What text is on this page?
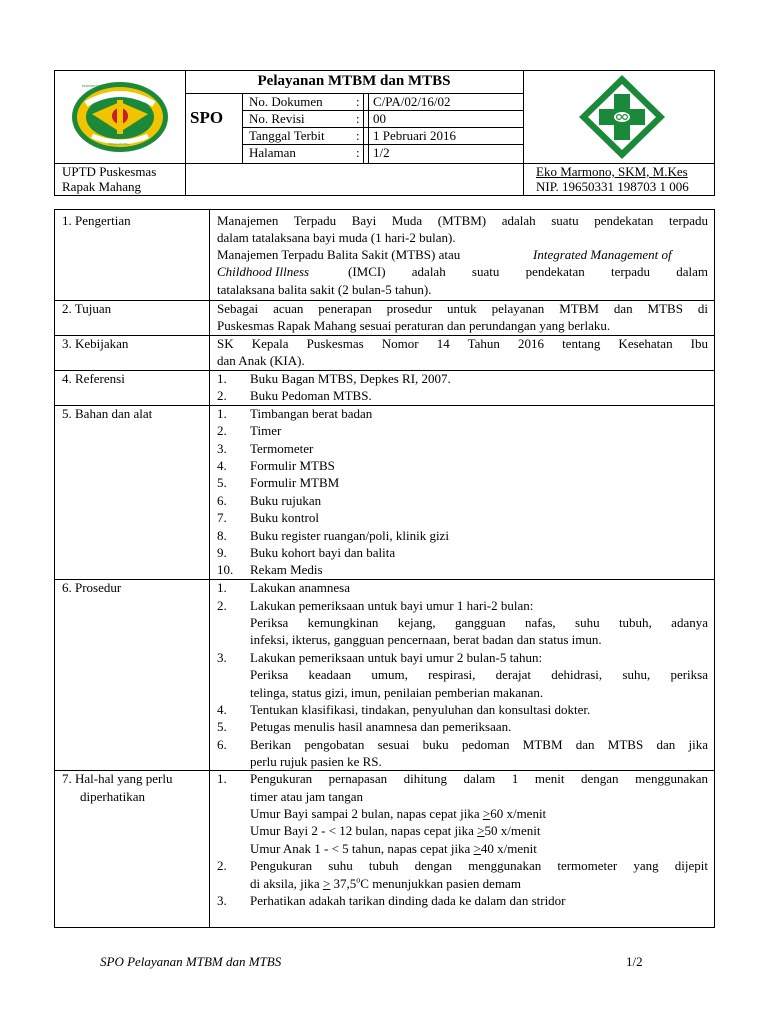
Pelayanan MTBM dan MTBS
SPO
No. Dokumen	: C/PA/02/16/02
No. Revisi	: 00
Tanggal Terbit : 1 Pebruari 2016
Halaman	: 1/2
UPTD Puskesmas
Rapak Mahang
Eko Marmono, SKM, M.Kes
NIP. 19650331 198703 1 006
PEMERINTAH KUTAI KARTANEGARA
TENGGARONG
1. Pengertian	Manajemen Terpadu Bayi Muda (MTBM) adalah suatu pendekatan terpadu
dalam tatalaksana bayi muda (1 hari-2 bulan).
Manajemen Terpadu Balita Sakit (MTBS) atau	Integrated Management of
Childhood Illness	(IMCI) adalah suatu pendekatan terpadu dalam
tatalaksana balita sakit (2 bulan-5 tahun).
2. Tujuan	Sebagai acuan penerapan prosedur untuk pelayanan MTBM dan MTBS di
Puskesmas Rapak Mahang sesuai peraturan dan perundangan yang berlaku.
3. Kebijakan	SK Kepala Puskesmas Nomor 14 Tahun 2016 tentang Kesehatan Ibu
dan Anak (KIA).
4. Referensi	1.	Buku Bagan MTBS, Depkes RI, 2007.
2.	Buku Pedoman MTBS.
5. Bahan dan alat	1.	Timbangan berat badan
2.	Timer
3.	Termometer
4.	Formulir MTBS
5.	Formulir MTBM
6.	Buku rujukan
7.	Buku kontrol
8.	Buku register ruangan/poli, klinik gizi
9.	Buku kohort bayi dan balita
10.	Rekam Medis
6. Prosedur	1.	Lakukan anamnesa
2.	Lakukan pemeriksaan untuk bayi umur 1 hari-2 bulan:
Periksa kemungkinan kejang, gangguan nafas, suhu tubuh, adanya
infeksi, ikterus, gangguan pencernaan, berat badan dan status imun.
3.	Lakukan pemeriksaan untuk bayi umur 2 bulan-5 tahun:
Periksa keadaan umum, respirasi, derajat dehidrasi, suhu, periksa
telinga, status gizi, imun, penilaian pemberian makanan.
4.	Tentukan klasifikasi, tindakan, penyuluhan dan konsultasi dokter.
5.	Petugas menulis hasil anamnesa dan pemeriksaan.
6.	Berikan pengobatan sesuai buku pedoman MTBM dan MTBS dan jika
perlu rujuk pasien ke RS.
7. Hal-hal yang perlu
diperhatikan
1.	Pengukuran pernapasan dihitung dalam 1 menit dengan menggunakan
timer atau jam tangan
Umur Bayi sampai 2 bulan, napas cepat jika >60 x/menit
Umur Bayi 2 - < 12 bulan, napas cepat jika >50 x/menit
Umur Anak 1 - < 5 tahun, napas cepat jika >40 x/menit
2.	Pengukuran suhu tubuh dengan menggunakan termometer yang dijepit
di aksila, jika > $37,5^oC$ menunjukkan pasien demam
3.	Perhatikan adakah tarikan dinding dada ke dalam dan stridor
SPO Pelayanan MTBM dan MTBS	1/2
